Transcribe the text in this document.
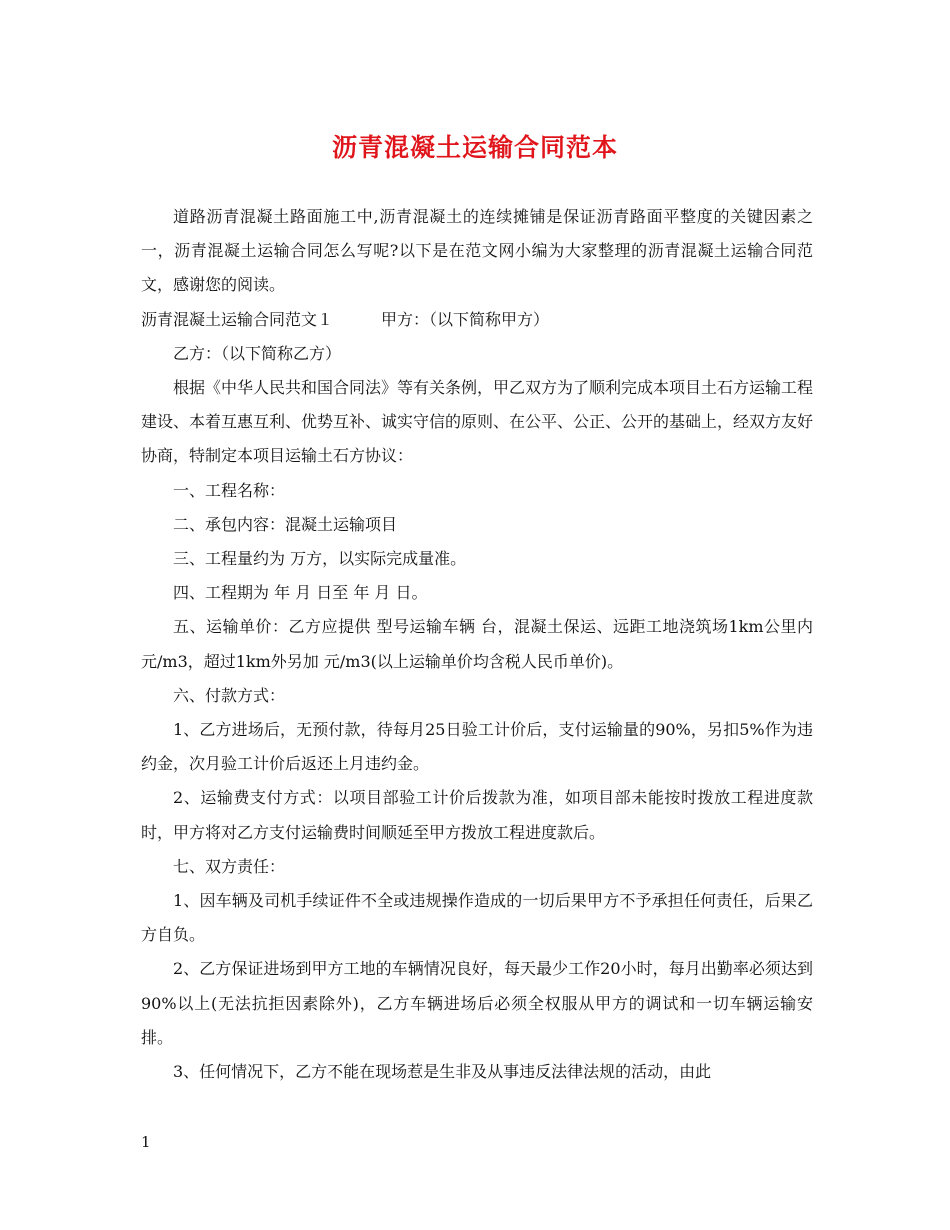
沥青混凝土运输合同范本

道路沥青混凝土路面施工中,沥青混凝土的连续摊铺是保证沥青路面平整度的关键因素之一，沥青混凝土运输合同怎么写呢?以下是在范文网小编为大家整理的沥青混凝土运输合同范文，感谢您的阅读。

沥青混凝土运输合同范文１	甲方：（以下简称甲方）

乙方：（以下简称乙方）

根据《中华人民共和国合同法》等有关条例，甲乙双方为了顺利完成本项目土石方运输工程建设、本着互惠互利、优势互补、诚实守信的原则、在公平、公正、公开的基础上，经双方友好协商，特制定本项目运输土石方协议：

一、工程名称：

二、承包内容：混凝土运输项目

三、工程量约为 万方，以实际完成量准。

四、工程期为 年 月 日至 年 月 日。

五、运输单价：乙方应提供 型号运输车辆 台，混凝土保运、远距工地浇筑场1km公里内 元/m3，超过1km外另加 元/m3(以上运输单价均含税人民币单价)。

六、付款方式：

1、乙方进场后，无预付款，待每月25日验工计价后，支付运输量的90%，另扣5%作为违约金，次月验工计价后返还上月违约金。

2、运输费支付方式：以项目部验工计价后拨款为准，如项目部未能按时拨放工程进度款时，甲方将对乙方支付运输费时间顺延至甲方拨放工程进度款后。

七、双方责任：

1、因车辆及司机手续证件不全或违规操作造成的一切后果甲方不予承担任何责任，后果乙方自负。

2、乙方保证进场到甲方工地的车辆情况良好，每天最少工作20小时，每月出勤率必须达到90%以上(无法抗拒因素除外)，乙方车辆进场后必须全权服从甲方的调试和一切车辆运输安排。

3、任何情况下，乙方不能在现场惹是生非及从事违反法律法规的活动，由此

1
